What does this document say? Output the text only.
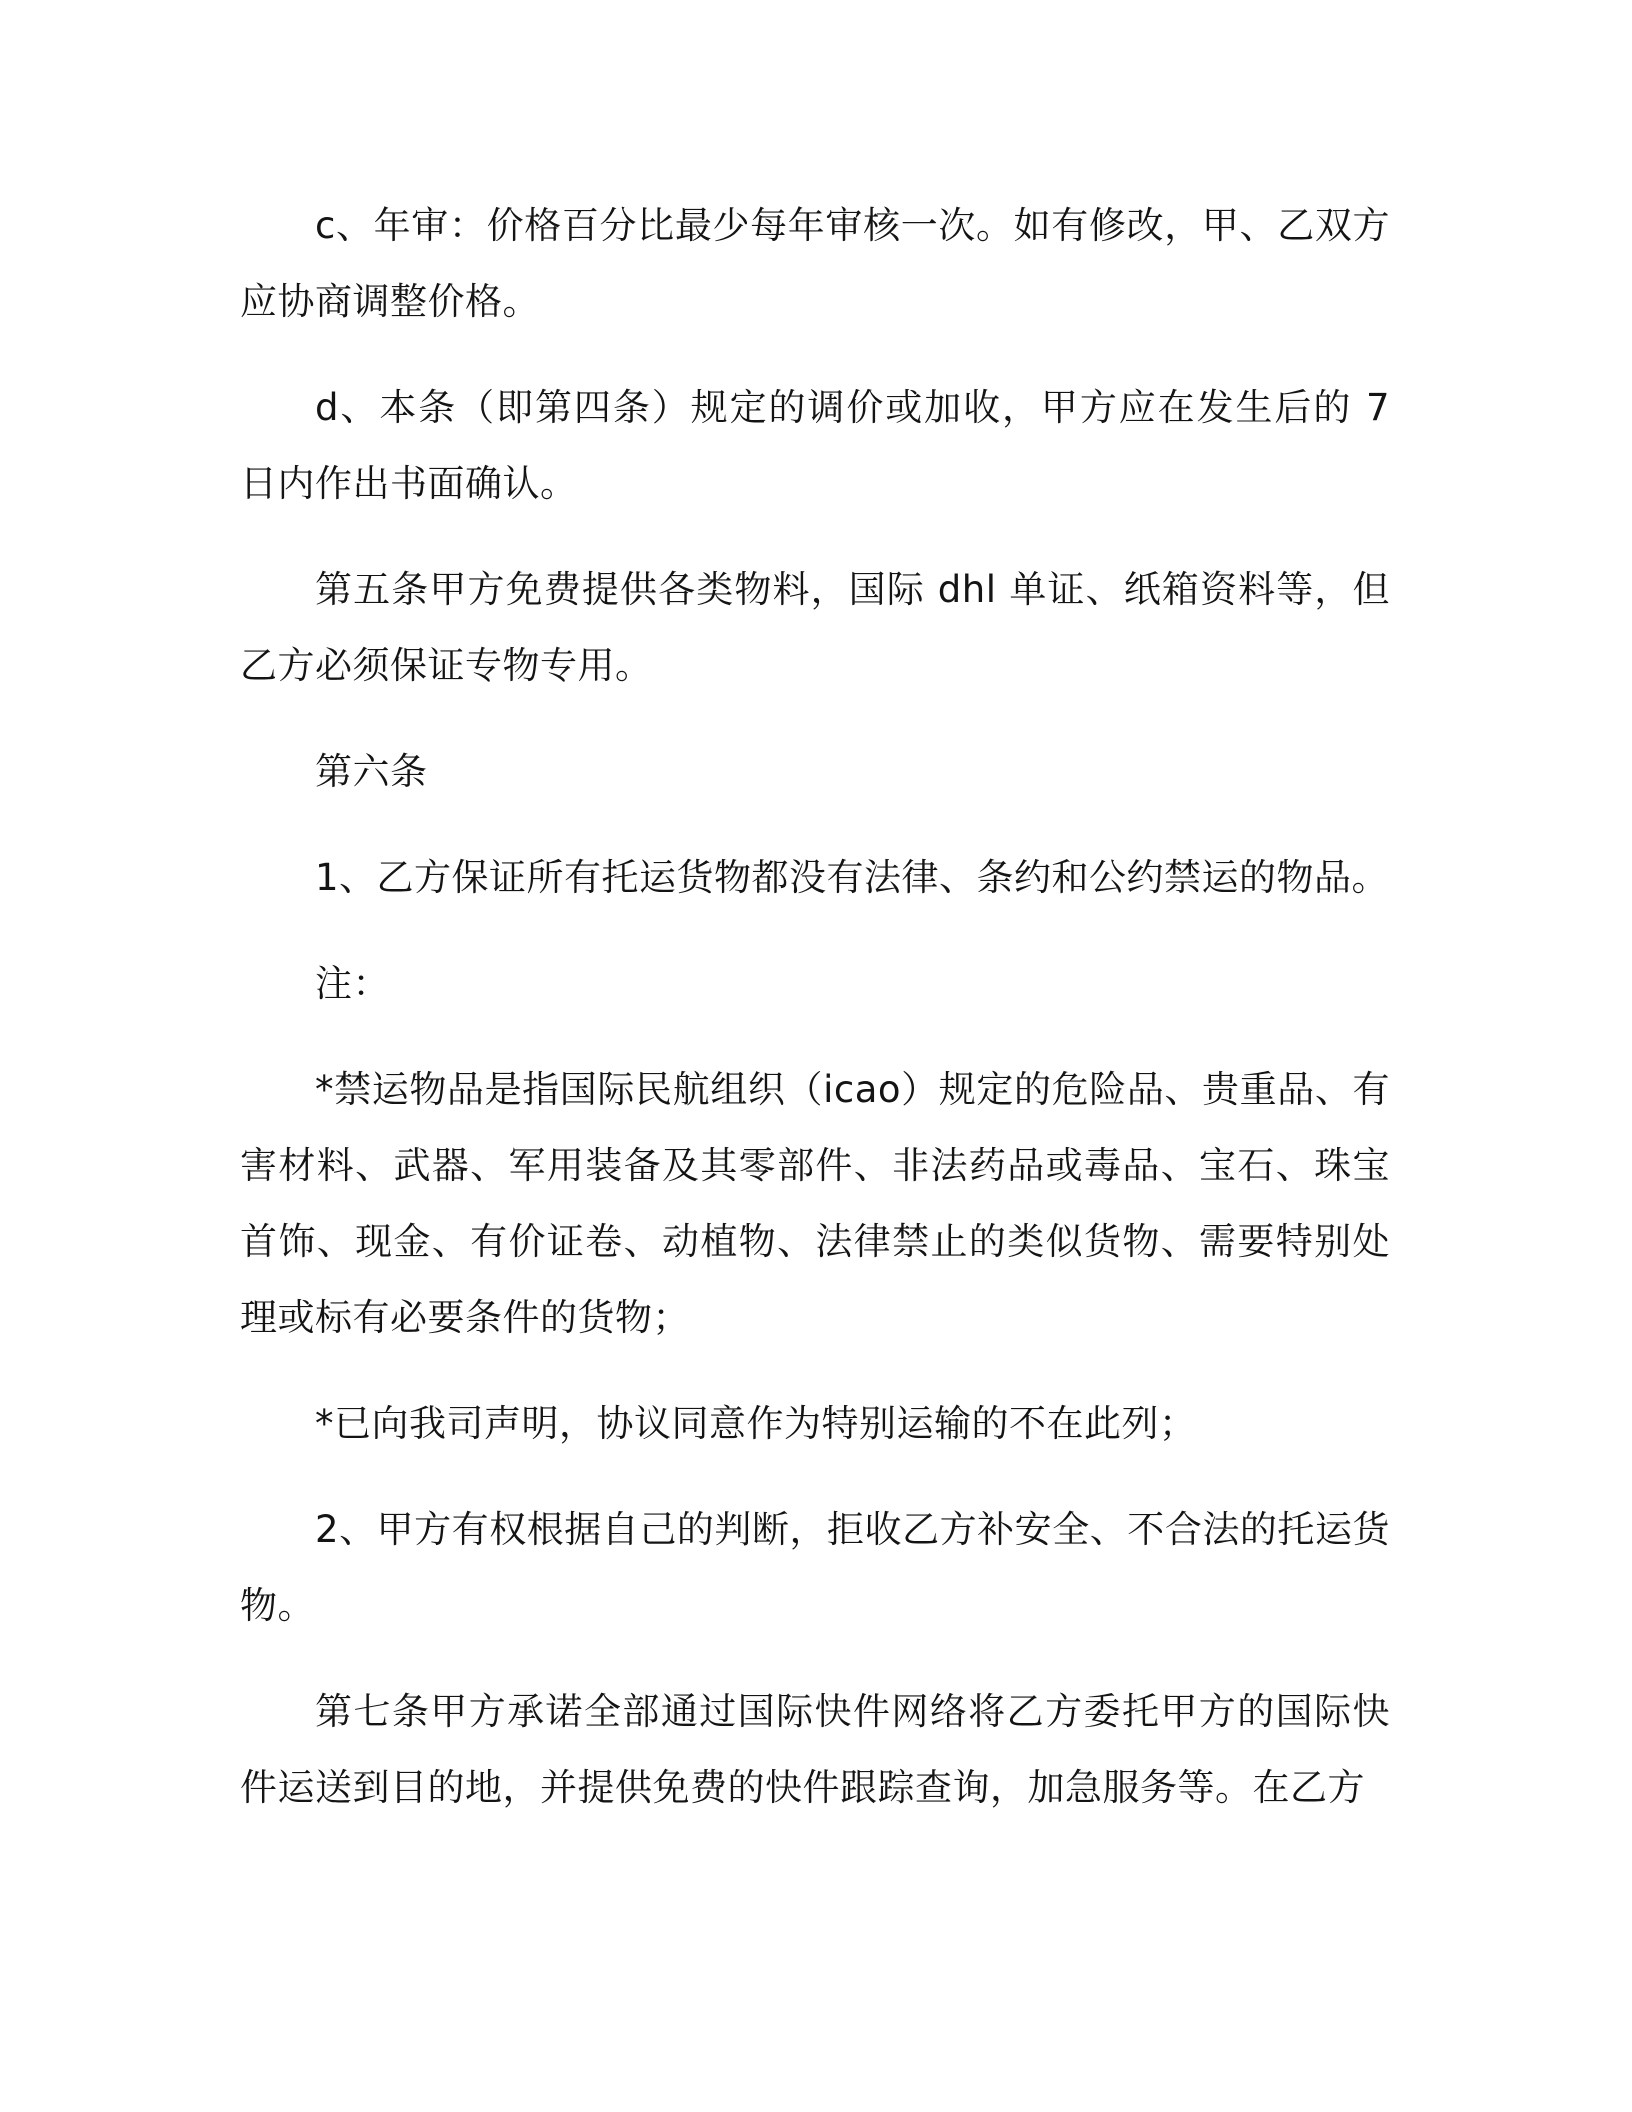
c、年审：价格百分比最少每年审核一次。如有修改，甲、乙双方应协商调整价格。

d、本条（即第四条）规定的调价或加收，甲方应在发生后的 7 日内作出书面确认。

第五条甲方免费提供各类物料，国际 dhl 单证、纸箱资料等，但乙方必须保证专物专用。

第六条

1、乙方保证所有托运货物都没有法律、条约和公约禁运的物品。

注：

*禁运物品是指国际民航组织（icao）规定的危险品、贵重品、有害材料、武器、军用装备及其零部件、非法药品或毒品、宝石、珠宝首饰、现金、有价证卷、动植物、法律禁止的类似货物、需要特别处理或标有必要条件的货物；

*已向我司声明，协议同意作为特别运输的不在此列；

2、甲方有权根据自己的判断，拒收乙方补安全、不合法的托运货物。

第七条甲方承诺全部通过国际快件网络将乙方委托甲方的国际快件运送到目的地，并提供免费的快件跟踪查询，加急服务等。在乙方
